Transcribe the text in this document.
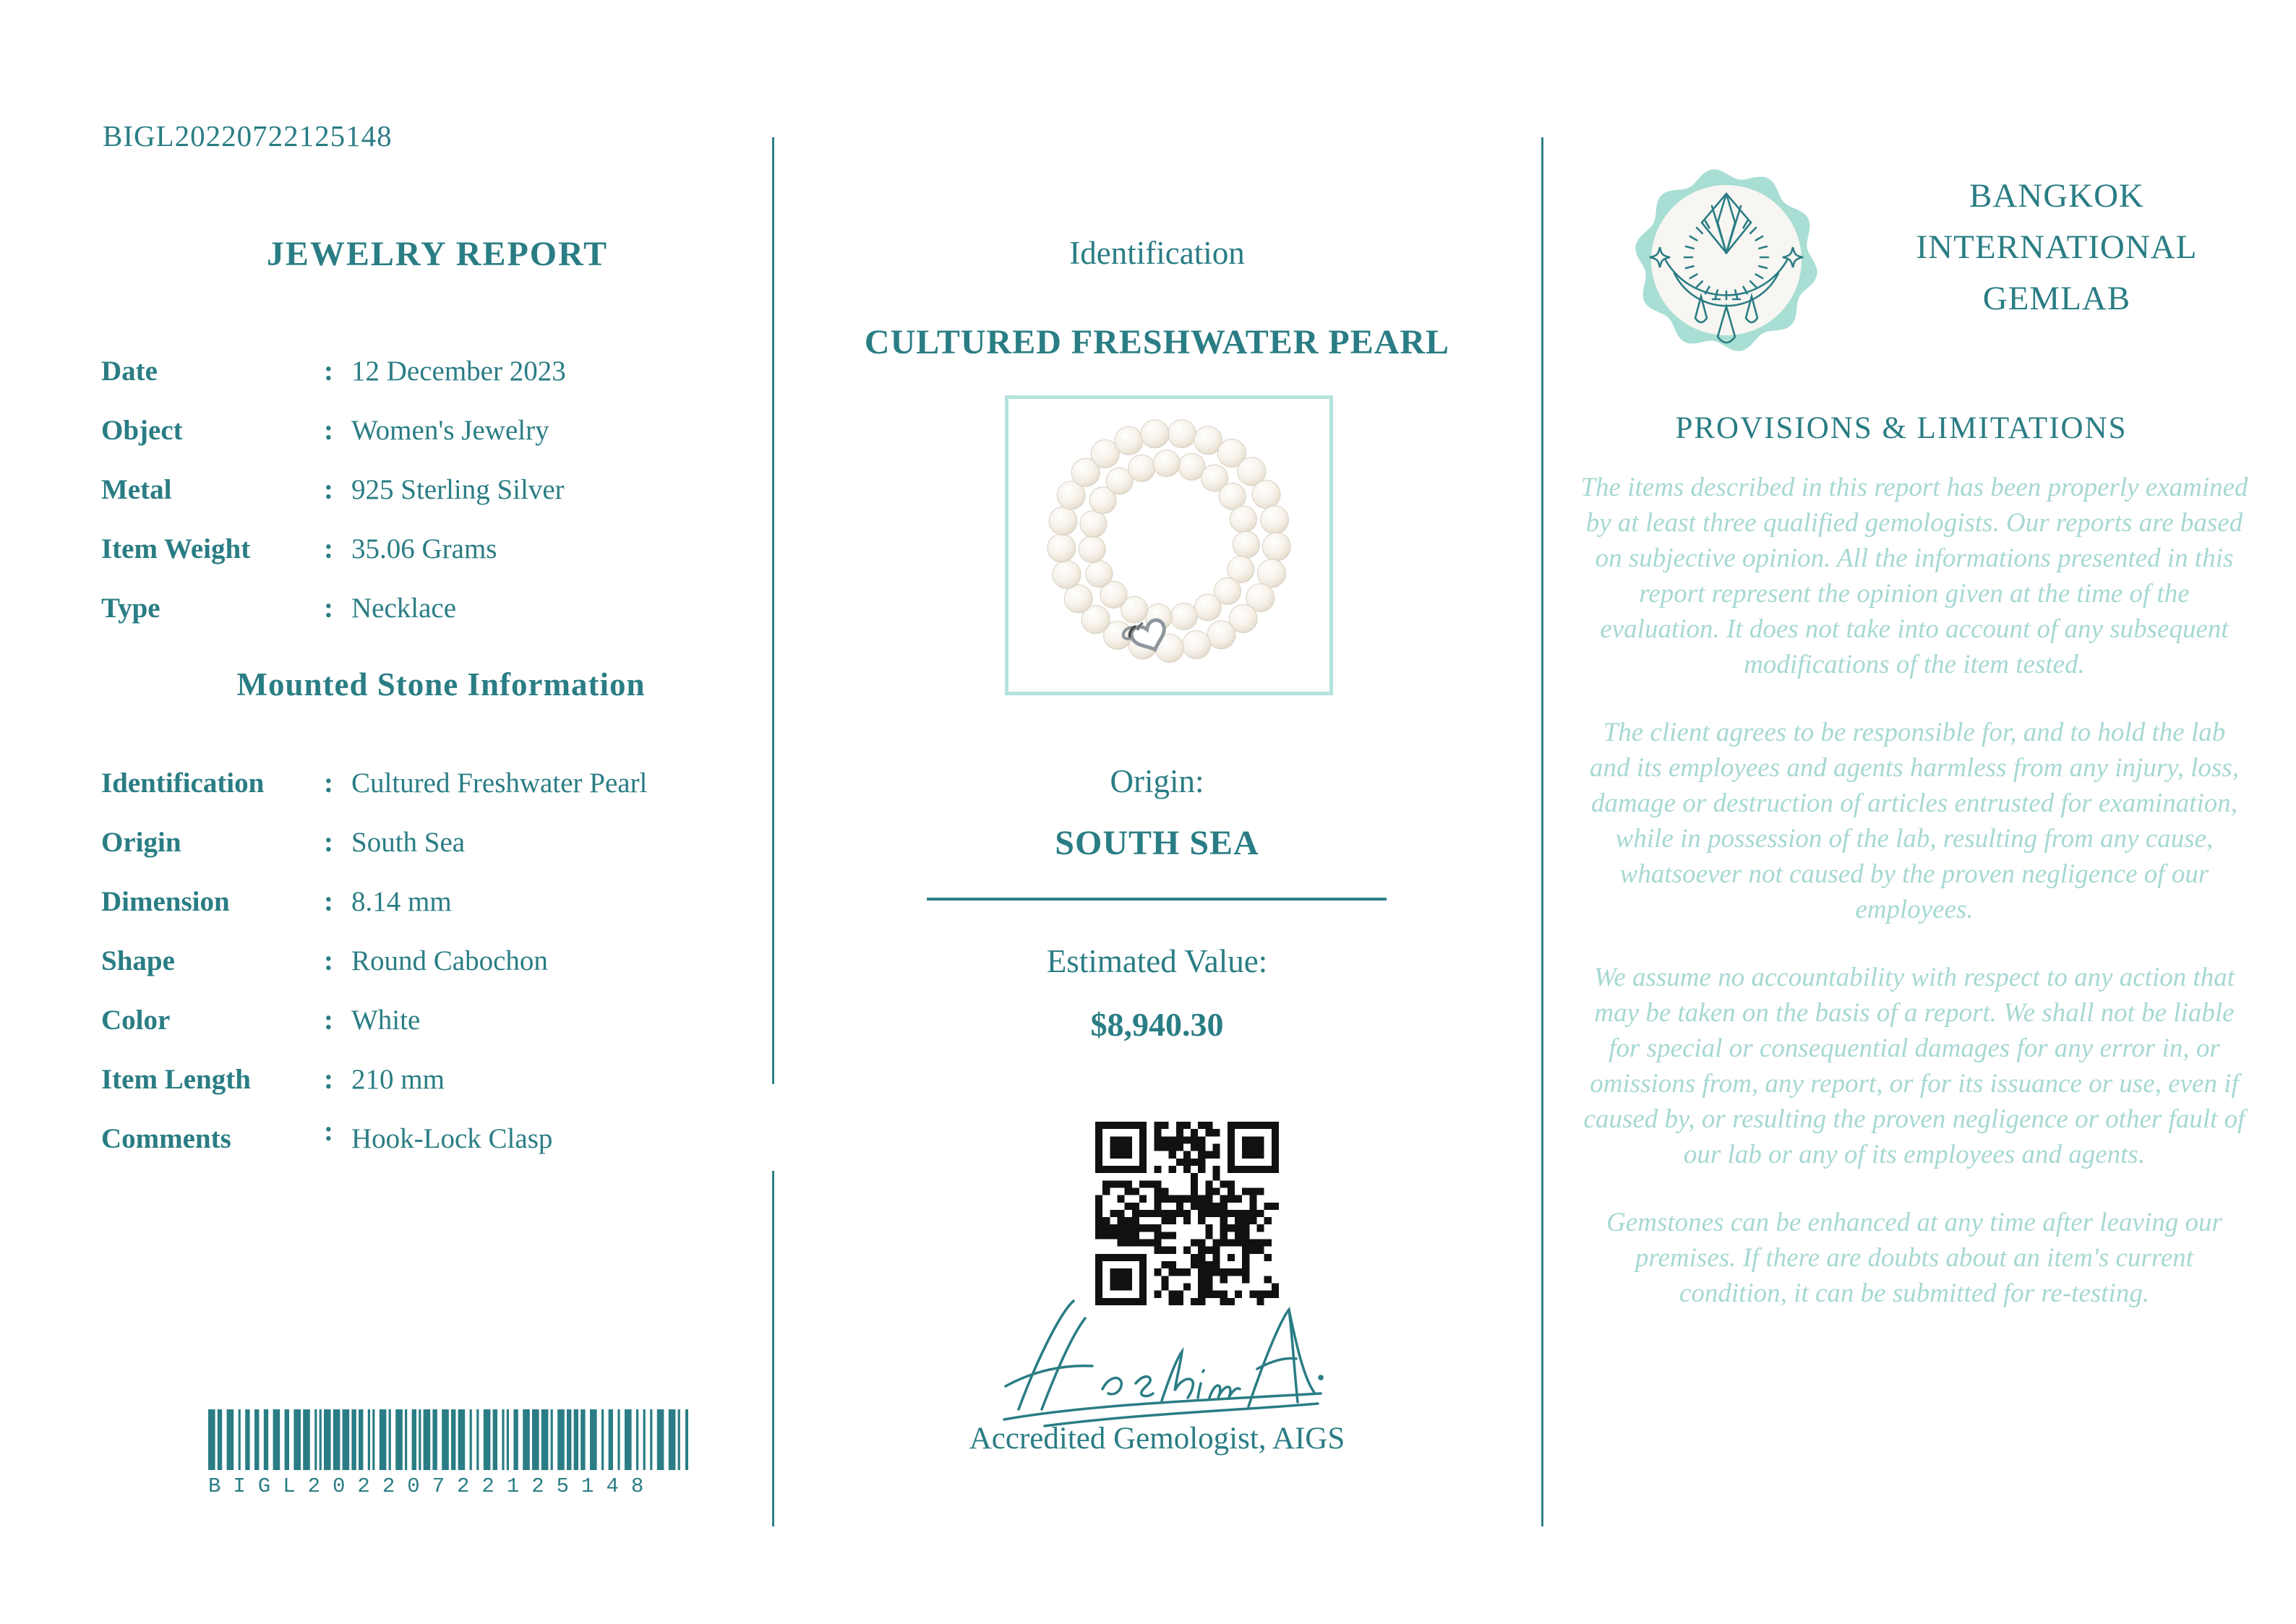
BIGL20220722125148
JEWELRY REPORT
Date	: 12 December 2023
Object	: Women's Jewelry
Metal	: 925 Sterling Silver
Item Weight	: 35.06 Grams
Type	: Necklace
Mounted Stone Information
Identification	: Cultured Freshwater Pearl
Origin	: South Sea
Dimension	: 8.14 mm
Shape	: Round Cabochon
Color	: White
Item Length	: 210 mm
Comments	: Hook-Lock Clasp
BIGL20220722125148
Identification
CULTURED FRESHWATER PEARL
Origin:
SOUTH SEA
Estimated Value:
$8,940.30
Accredited Gemologist, AIGS
BANGKOK
INTERNATIONAL
GEMLAB
PROVISIONS & LIMITATIONS

The items described in this report has been properly examined by at least three qualified gemologists. Our reports are based on subjective opinion. All the informations presented in this report represent the opinion given at the time of the evaluation. It does not take into account of any subsequent modifications of the item tested.

The client agrees to be responsible for, and to hold the lab and its employees and agents harmless from any injury, loss, damage or destruction of articles entrusted for examination, while in possession of the lab, resulting from any cause, whatsoever not caused by the proven negligence of our employees.

We assume no accountability with respect to any action that may be taken on the basis of a report. We shall not be liable for special or consequential damages for any error in, or omissions from, any report, or for its issuance or use, even if caused by, or resulting the proven negligence or other fault of our lab or any of its employees and agents.

Gemstones can be enhanced at any time after leaving our premises. If there are doubts about an item's current condition, it can be submitted for re-testing.
